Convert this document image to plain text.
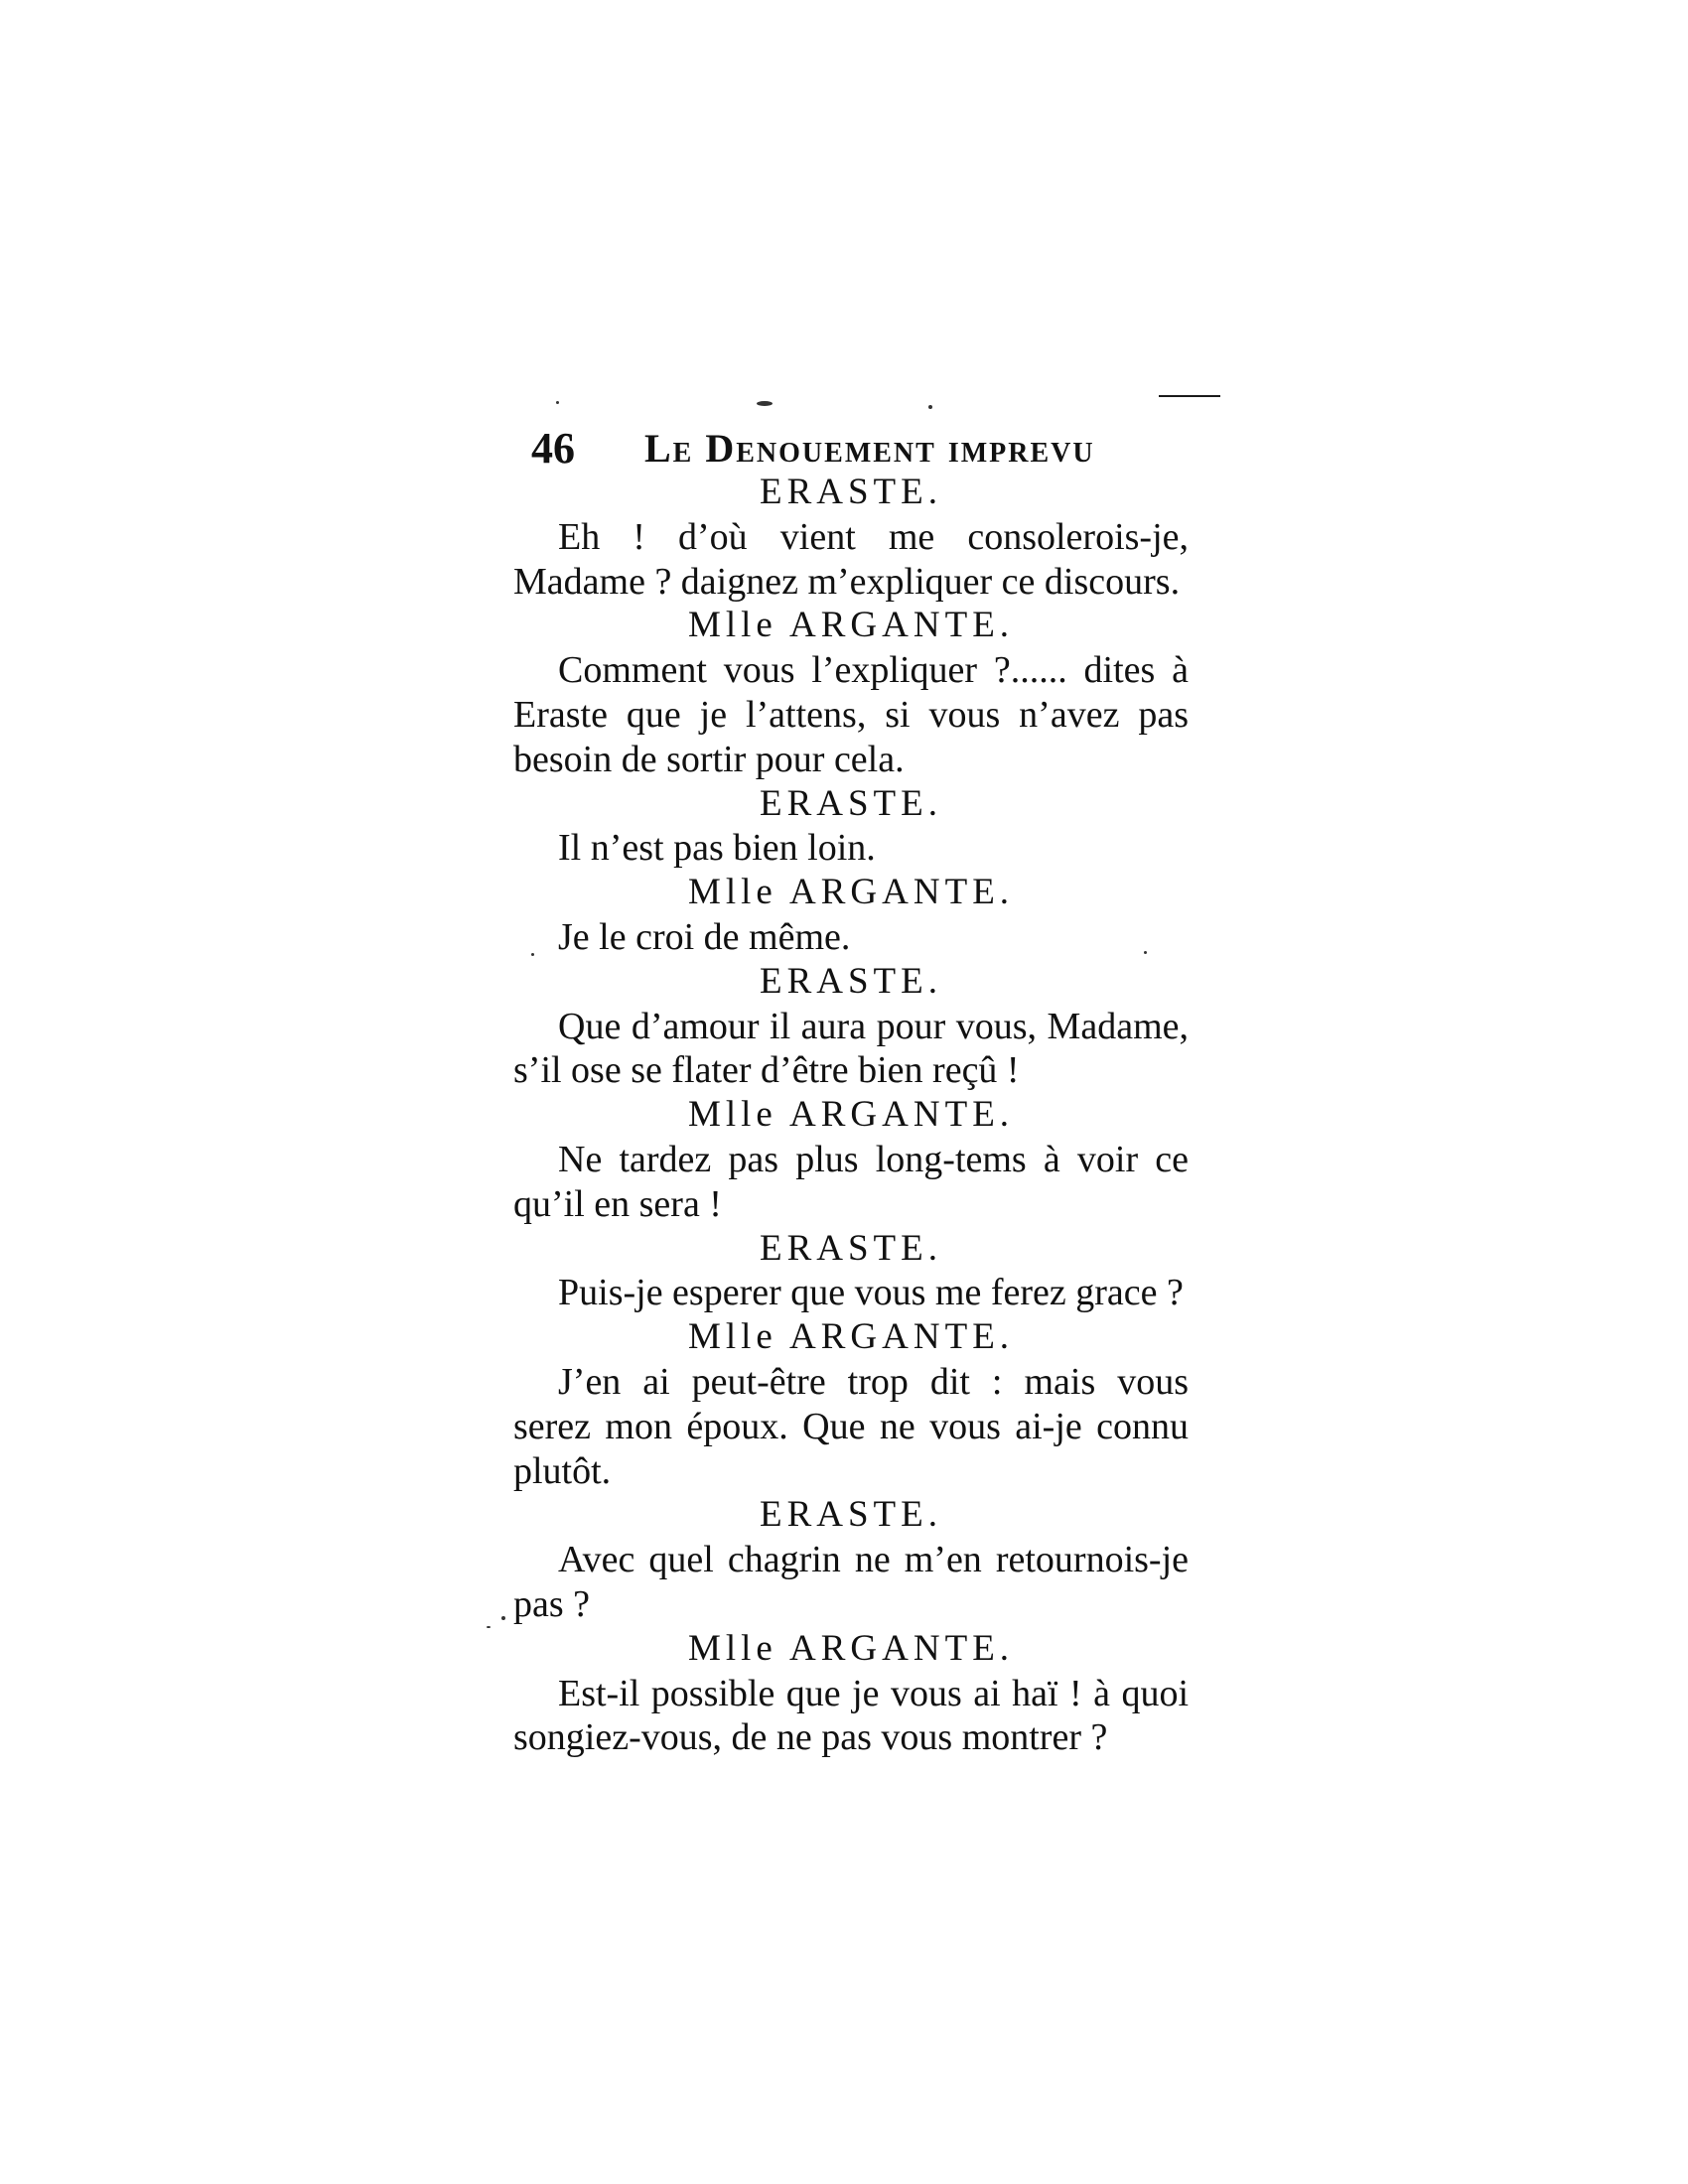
46 Le Denouement imprevu

ERASTE.

Eh ! d’où vient me consolerois-je, Madame ? daignez m’expliquer ce discours.

Mlle ARGANTE.

Comment vous l’expliquer ?...... dites à Eraste que je l’attens, si vous n’avez pas besoin de sortir pour cela.

ERASTE.

Il n’est pas bien loin.

Mlle ARGANTE.

Je le croi de même.

ERASTE.

Que d’amour il aura pour vous, Madame, s’il ose se flater d’être bien reçû !

Mlle ARGANTE.

Ne tardez pas plus long-tems à voir ce qu’il en sera !

ERASTE.

Puis-je esperer que vous me ferez grace ?

Mlle ARGANTE.

J’en ai peut-être trop dit : mais vous serez mon époux. Que ne vous ai-je connu plutôt.

ERASTE.

Avec quel chagrin ne m’en retournois-je pas ?

Mlle ARGANTE.

Est-il possible que je vous ai haï ! à quoi songiez-vous, de ne pas vous montrer ?
